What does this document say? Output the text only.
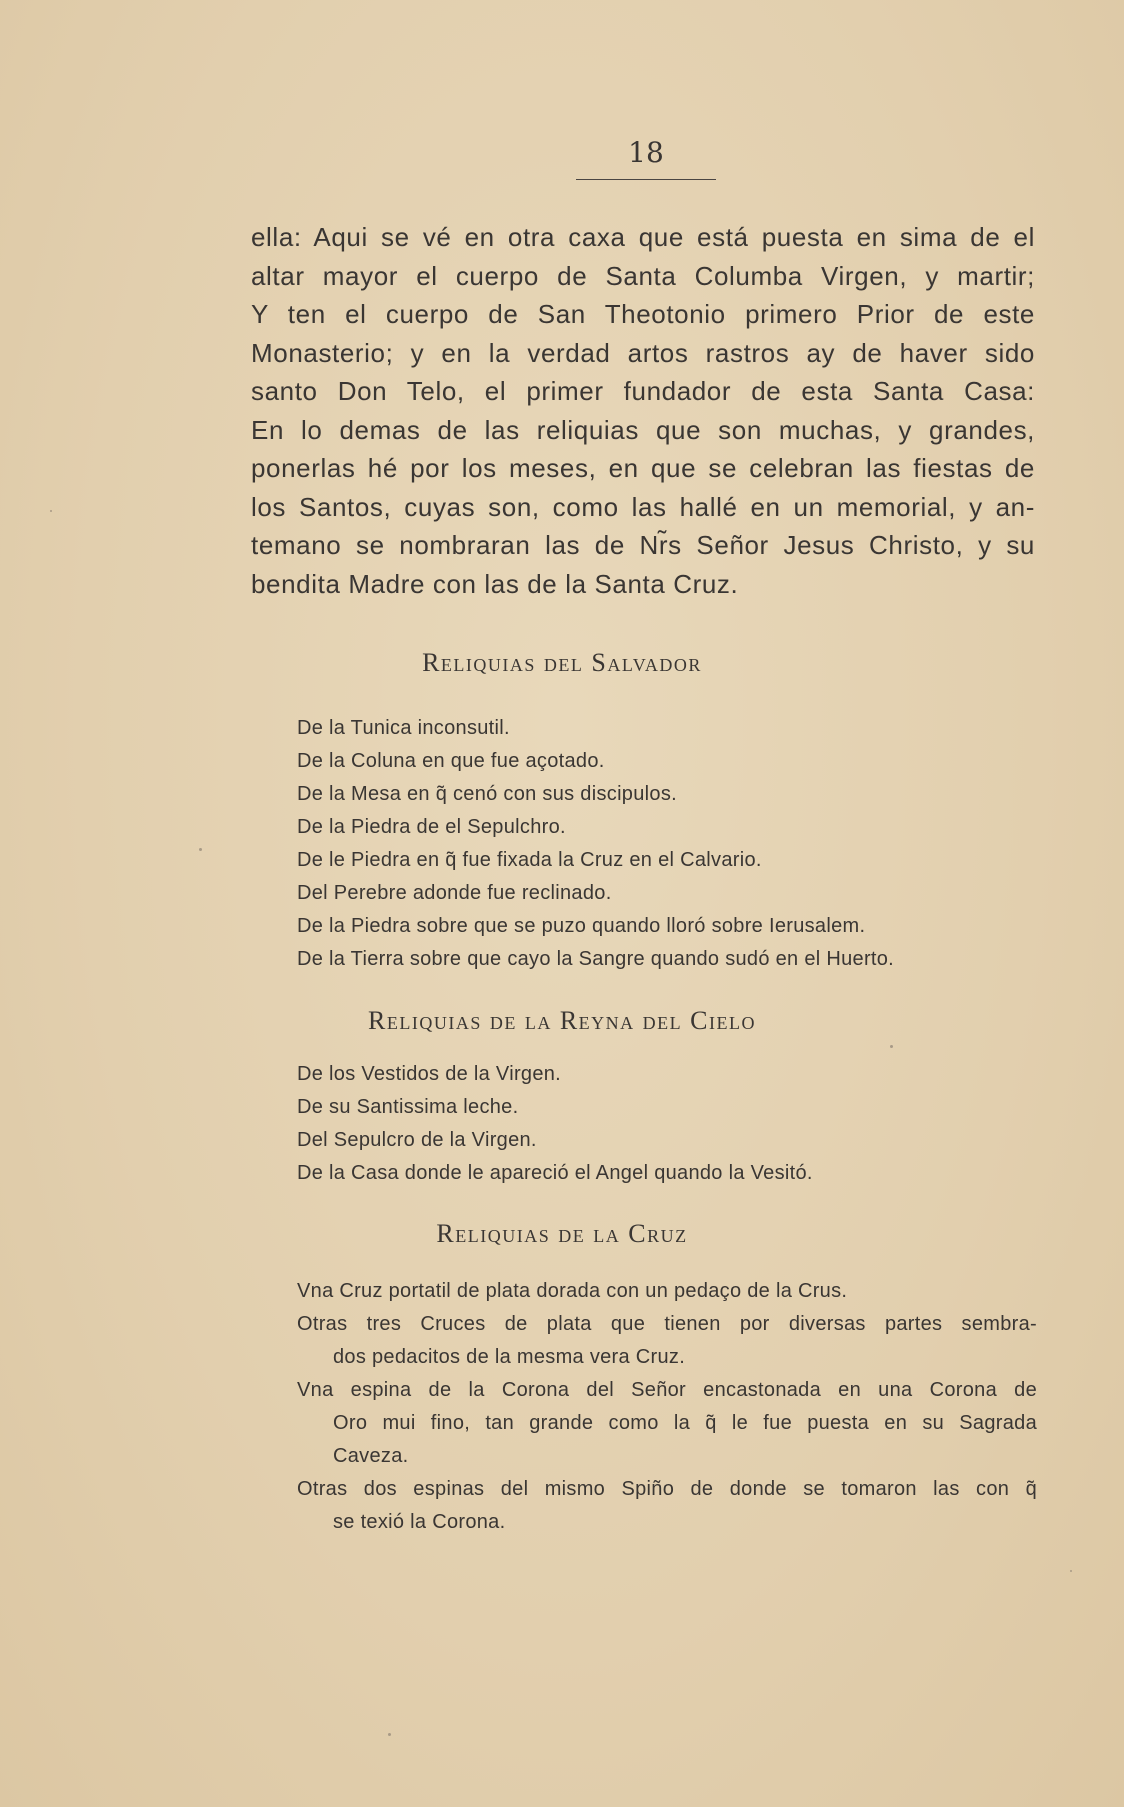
18
ella: Aqui se vé en otra caxa que está puesta en sima de el
altar mayor el cuerpo de Santa Columba Virgen, y martir;
Y ten el cuerpo de San Theotonio primero Prior de este
Monasterio; y en la verdad artos rastros ay de haver sido
santo Don Telo, el primer fundador de esta Santa Casa:
En lo demas de las reliquias que son muchas, y grandes,
ponerlas hé por los meses, en que se celebran las fiestas de
los Santos, cuyas son, como las hallé en un memorial, y an-
temano se nombraran las de Nr̃s Señor Jesus Christo, y su
bendita Madre con las de la Santa Cruz.
Reliquias del Salvador
De la Tunica inconsutil.
De la Coluna en que fue açotado.
De la Mesa en q̃ cenó con sus discipulos.
De la Piedra de el Sepulchro.
De le Piedra en q̃ fue fixada la Cruz en el Calvario.
Del Perebre adonde fue reclinado.
De la Piedra sobre que se puzo quando lloró sobre Ierusalem.
De la Tierra sobre que cayo la Sangre quando sudó en el Huerto.
Reliquias de la Reyna del Cielo
De los Vestidos de la Virgen.
De su Santissima leche.
Del Sepulcro de la Virgen.
De la Casa donde le apareció el Angel quando la Vesitó.
Reliquias de la Cruz
Vna Cruz portatil de plata dorada con un pedaço de la Crus.
Otras tres Cruces de plata que tienen por diversas partes sembra-
dos pedacitos de la mesma vera Cruz.
Vna espina de la Corona del Señor encastonada en una Corona de
Oro mui fino, tan grande como la q̃ le fue puesta en su Sagrada
Caveza.
Otras dos espinas del mismo Spiño de donde se tomaron las con q̃
se texió la Corona.
